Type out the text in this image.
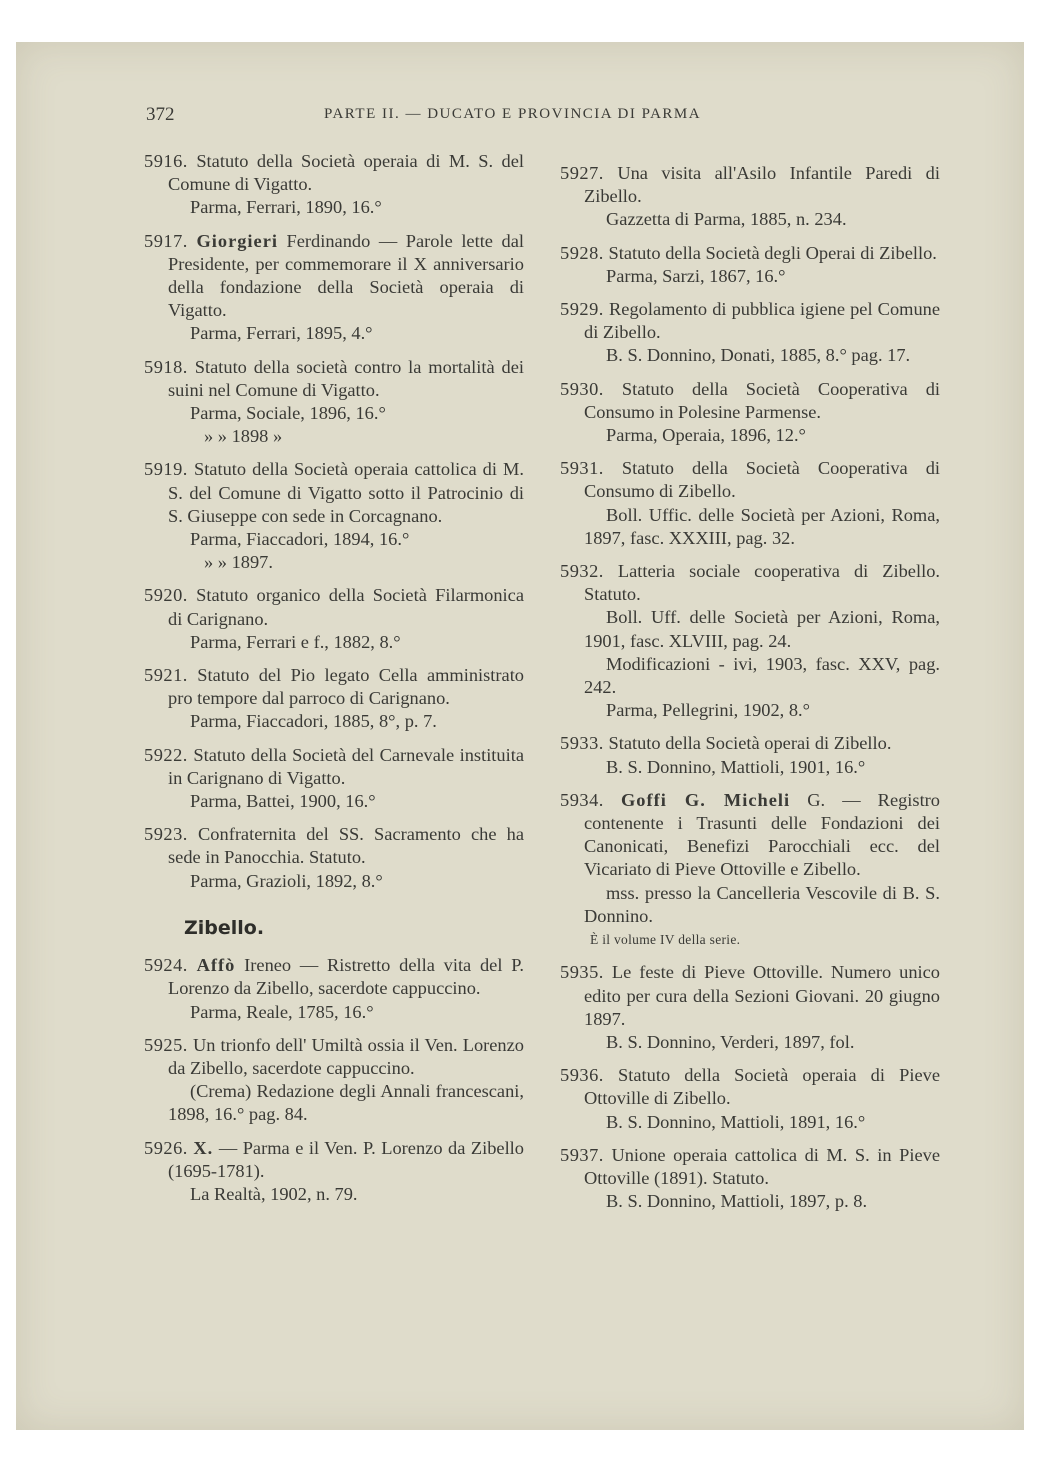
372	PARTE II. — DUCATO E PROVINCIA DI PARMA
5916. Statuto della Società operaia di M. S. del Comune di Vigatto.
Parma, Ferrari, 1890, 16.°
5917. Giorgieri Ferdinando — Parole lette dal Presidente, per commemorare il X anniversario della fondazione della Società operaia di Vigatto.
Parma, Ferrari, 1895, 4.°
5918. Statuto della società contro la mortalità dei suini nel Comune di Vigatto.
Parma, Sociale, 1896, 16.°
» » 1898 »
5919. Statuto della Società operaia cattolica di M. S. del Comune di Vigatto sotto il Patrocinio di S. Giuseppe con sede in Corcagnano.
Parma, Fiaccadori, 1894, 16.°
» » 1897.
5920. Statuto organico della Società Filarmonica di Carignano.
Parma, Ferrari e f., 1882, 8.°
5921. Statuto del Pio legato Cella amministrato pro tempore dal parroco di Carignano.
Parma, Fiaccadori, 1885, 8°, p. 7.
5922. Statuto della Società del Carnevale instituita in Carignano di Vigatto.
Parma, Battei, 1900, 16.°
5923. Confraternita del SS. Sacramento che ha sede in Panocchia. Statuto.
Parma, Grazioli, 1892, 8.°
Zibello.
5924. Affò Ireneo — Ristretto della vita del P. Lorenzo da Zibello, sacerdote cappuccino.
Parma, Reale, 1785, 16.°
5925. Un trionfo dell' Umiltà ossia il Ven. Lorenzo da Zibello, sacerdote cappuccino.
(Crema) Redazione degli Annali francescani, 1898, 16.° pag. 84.
5926. X. — Parma e il Ven. P. Lorenzo da Zibello (1695-1781).
La Realtà, 1902, n. 79.
5927. Una visita all'Asilo Infantile Paredi di Zibello.
Gazzetta di Parma, 1885, n. 234.
5928. Statuto della Società degli Operai di Zibello.
Parma, Sarzi, 1867, 16.°
5929. Regolamento di pubblica igiene pel Comune di Zibello.
B. S. Donnino, Donati, 1885, 8.° pag. 17.
5930. Statuto della Società Cooperativa di Consumo in Polesine Parmense.
Parma, Operaia, 1896, 12.°
5931. Statuto della Società Cooperativa di Consumo di Zibello.
Boll. Uffic. delle Società per Azioni, Roma, 1897, fasc. XXXIII, pag. 32.
5932. Latteria sociale cooperativa di Zibello. Statuto.
Boll. Uff. delle Società per Azioni, Roma, 1901, fasc. XLVIII, pag. 24.
Modificazioni - ivi, 1903, fasc. XXV, pag. 242.
Parma, Pellegrini, 1902, 8.°
5933. Statuto della Società operai di Zibello.
B. S. Donnino, Mattioli, 1901, 16.°
5934. Goffi G. Micheli G. — Registro contenente i Trasunti delle Fondazioni dei Canonicati, Benefizi Parocchiali ecc. del Vicariato di Pieve Ottoville e Zibello.
mss. presso la Cancelleria Vescovile di B. S. Donnino.
È il volume IV della serie.
5935. Le feste di Pieve Ottoville. Numero unico edito per cura della Sezioni Giovani. 20 giugno 1897.
B. S. Donnino, Verderi, 1897, fol.
5936. Statuto della Società operaia di Pieve Ottoville di Zibello.
B. S. Donnino, Mattioli, 1891, 16.°
5937. Unione operaia cattolica di M. S. in Pieve Ottoville (1891). Statuto.
B. S. Donnino, Mattioli, 1897, p. 8.
